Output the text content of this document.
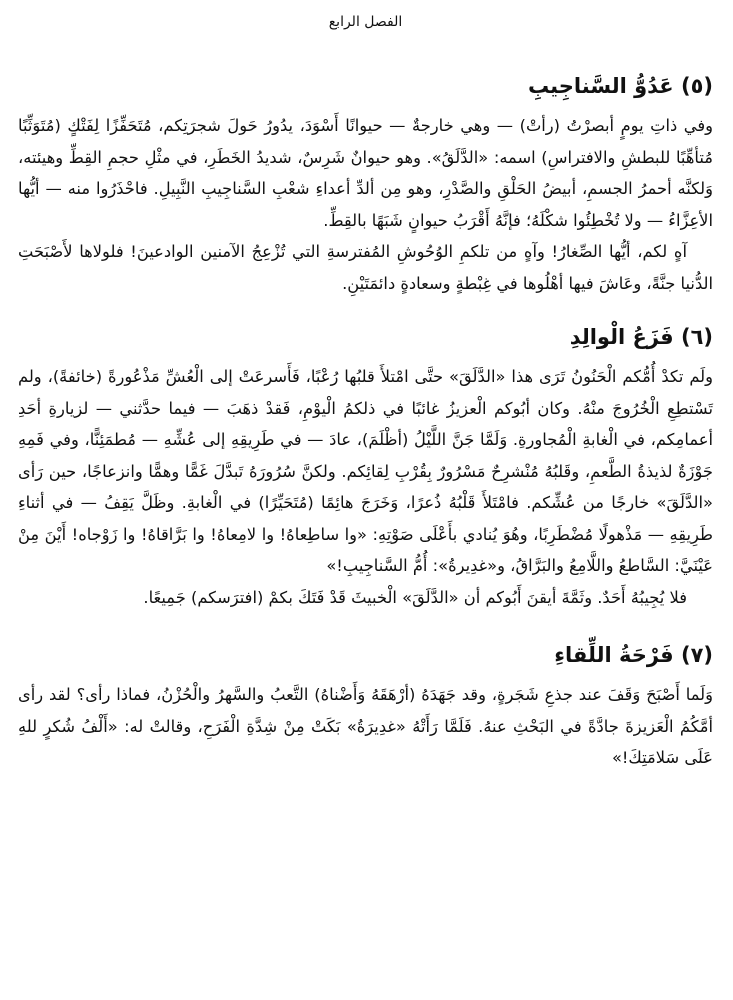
الفصل الرابع
(٥) عَدُوُّ السَّناجِيبِ

وفي ذاتِ يومٍ أبصرْتُ (رأتْ) — وهي خارجةٌ — حيوانًا أَسْوَدَ، يدُورُ حَولَ شجرَتِكم، مُتَحَفِّزًا لِفَتْكٍ (مُتَوَثِّبًا مُتأهِّبًا للبطشِ والافتراسِ) اسمه: «الدَّلَقُ». وهو حيوانٌ شَرِسٌ، شديدُ الخَطَرِ، في مثْلِ حجمِ القِطِّ وهيئته، وَلكنَّه أحمرُ الجسمِ، أبيضُ الحَلْقِ والصَّدْرِ، وهو مِن ألدِّ أعداءِ شعْبِ السَّناجِيبِ النَّبِيلِ. فاحْذَرُوا منه — أيُّها الأعِزَّاءُ — ولا تُخْطِئُوا شكْلَهُ؛ فإنَّهُ أَقْرَبُ حيوانٍ شَبَهًا بالقِطِّ.

آهٍ لكم، أيُّها الصِّغارُ! وآهٍ من تلكمِ الوُحُوشِ المُفترسةِ التي تُزْعِجُ الآمنين الوادعينَ! فلولاها لأَصْبَحَتِ الدُّنيا جنَّةً، وعَاشَ فيها أهْلُوها في غِبْطةٍ وسعادةٍ دائمَتَيْنِ.

(٦) فَزَعُ الْوالِدِ

ولَم تكدْ أُمُّكم الْحَنُونُ تَرَى هذا «الدَّلَقَ» حتَّى امْتلأَ قلبُها رُعْبًا، فَأَسرعَتْ إلى الْعُشِّ مَذْعُورةً (خائفةً)، ولم تَسْتطِعِ الْخُرُوجَ منْهُ. وكان أبُوكم الْعزيزُ غائبًا في ذلكمُ الْيوْمِ، فَقدْ ذهَبَ — فيما حدَّثني — لزيارةِ أحَدِ أعمامِكم، في الْغابةِ الْمُجاورةِ. وَلَمَّا جَنَّ اللَّيْلُ (أظْلَمَ)، عادَ — في طَرِيقِهِ إلى عُشِّهِ — مُطمَئِنًّا، وفي فَمِهِ جَوْزَةٌ لذيذةُ الطَّعمِ، وقَلبُهُ مُنْشرِحٌ مَسْرُورٌ بِقُرْبِ لِقائِكم. ولكنَّ سُرُورَهُ تَبدَّلَ غَمًّا وهمًّا وانزعاجًا، حين رَأى «الدَّلَقَ» خارجًا من عُشِّكم. فامْتَلأَ قَلْبُهُ ذُعرًا، وَخَرَجَ هائِمًا (مُتَحَيِّرًا) في الْغابةِ. وظَلَّ يَقِفُ — في أثناءِ طَرِيقِهِ — مَذْهولًا مُضْطَرِبًا، وهُوَ يُنادي بأَعْلَى صَوْتِهِ: «وا ساطِعاهُ! وا لامِعاهُ! وا بَرَّاقاهُ! وا زَوْجاه! أَيْنَ مِنْ عَيْنَيَّ: السَّاطعُ واللَّامِعُ والبَرَّاقُ، و«غدِيرةُ»: أُمُّ السَّناجِيبِ!»

فلا يُجِيبُهُ أَحَدٌ. وثَمَّةَ أيقنَ أَبُوكم أن «الدَّلَقَ» الْخبيثَ قَدْ فَتَكَ بكمْ (افترَسكم) جَمِيعًا.

(٧) فَرْحَةُ اللِّقاءِ

وَلَما أَصْبَحَ وَقَفَ عند جذعِ شَجَرةٍ، وقد جَهَدَهُ (أرْهَقَهُ وَأَضْناهُ) التَّعبُ والسَّهرُ والْحُزْنُ، فماذا رأى؟ لقد رأى أمَّكُمُ الْعَزيزةَ جادَّةً في البَحْثِ عنهُ. فَلَمَّا رَأَتْهُ «غدِيرَةُ» بَكَتْ مِنْ شِدَّةِ الْفَرَحِ، وقالتْ له: «أَلْفُ شُكرٍ للهِ عَلَى سَلامَتِكَ!»
